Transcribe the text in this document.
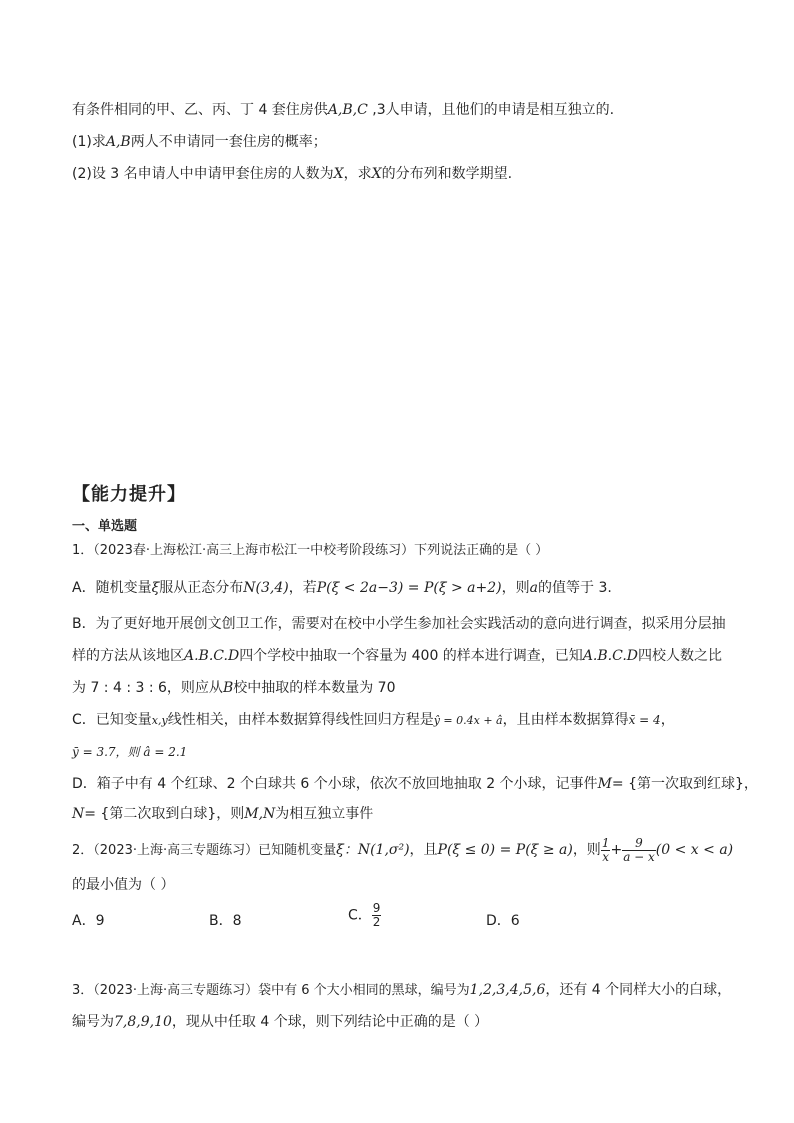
有条件相同的甲、乙、丙、丁 4 套住房供A,B,C ,3人申请，且他们的申请是相互独立的.
(1)求A,B两人不申请同一套住房的概率；
(2)设 3 名申请人中申请甲套住房的人数为X，求X的分布列和数学期望.
【能力提升】
一、单选题
1．（2023春·上海松江·高三上海市松江一中校考阶段练习）下列说法正确的是（ ）
A．随机变量ξ服从正态分布N(3,4)，若P(ξ < 2a−3) = P(ξ > a+2)，则a的值等于 3.
B．为了更好地开展创文创卫工作，需要对在校中小学生参加社会实践活动的意向进行调查，拟采用分层抽
样的方法从该地区A.B.C.D四个学校中抽取一个容量为 400 的样本进行调查，已知A.B.C.D四校人数之比
为 7 : 4 : 3 : 6，则应从B校中抽取的样本数量为 70
C．已知变量x,y线性相关，由样本数据算得线性回归方程是ŷ = 0.4x + â，且由样本数据算得x̄ = 4，
ȳ = 3.7，则 â = 2.1
D．箱子中有 4 个红球、2 个白球共 6 个小球，依次不放回地抽取 2 个小球，记事件M= {第一次取到红球}，
N= {第二次取到白球}，则M,N为相互独立事件
2．（2023·上海·高三专题练习）已知随机变量ξ：N(1,σ²)，且P(ξ ≤ 0) = P(ξ ≥ a)，则 $\frac{1}{x} + \frac{9}{a - x} (0 < x < a)$
的最小值为（ ）
A．9	B．8	C． $\frac{9}{2}$	D．6
3．（2023·上海·高三专题练习）袋中有 6 个大小相同的黑球，编号为1,2,3,4,5,6，还有 4 个同样大小的白球，
编号为7,8,9,10，现从中任取 4 个球，则下列结论中正确的是（ ）
